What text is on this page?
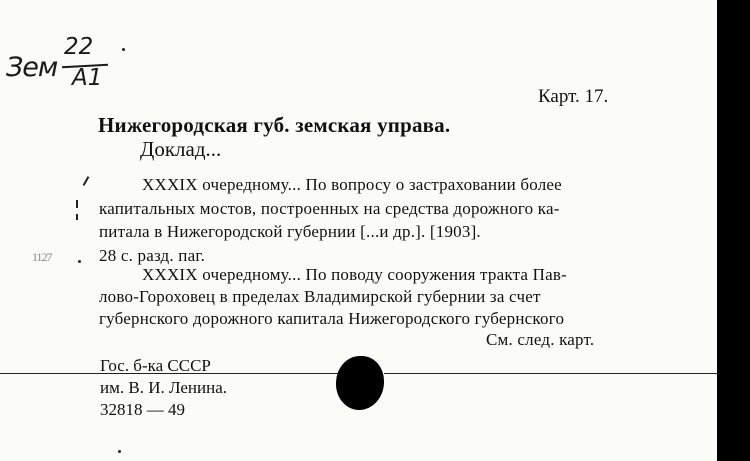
Зем
22
A1
Карт. 17.
Нижегородская губ. земская управа.
Доклад...
1127
XXXIX очередному... По вопросу о застраховании более
капитальных мостов, построенных на средства дорожного ка-
питала в Нижегородской губернии [...и др.]. [1903].
28 с. разд. паг.
XXXIX очередному... По поводу сооружения тракта Пав-
лово-Гороховец в пределах Владимирской губернии за счет
губернского дорожного капитала Нижегородского губернского
См. след. карт.
Гос. б-ка СССР
им. В. И. Ленина.
32818 — 49
